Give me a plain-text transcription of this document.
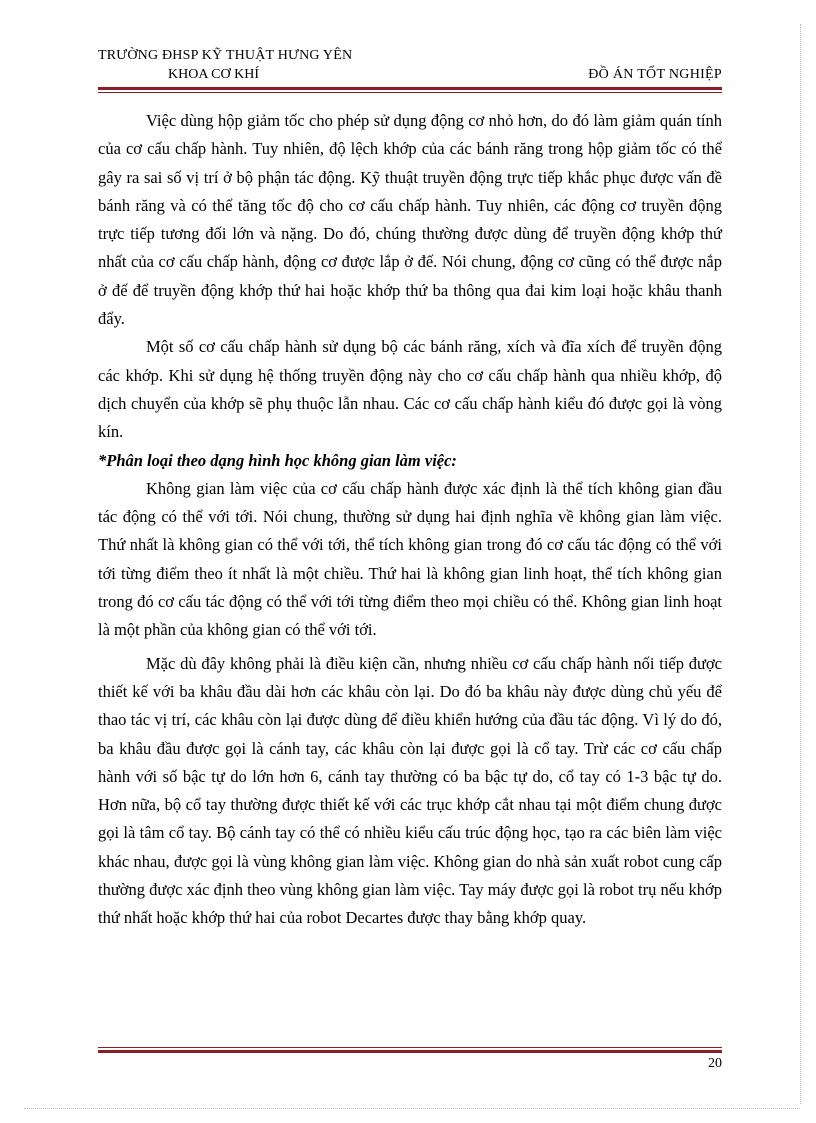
TRƯỜNG ĐHSP KỸ THUẬT HƯNG YÊN
KHOA CƠ KHÍ	ĐỒ ÁN TỐT NGHIỆP

Việc dùng hộp giảm tốc cho phép sử dụng động cơ nhỏ hơn, do đó làm giảm quán tính của cơ cấu chấp hành. Tuy nhiên, độ lệch khớp của các bánh răng trong hộp giảm tốc có thể gây ra sai số vị trí ở bộ phận tác động. Kỹ thuật truyền động trực tiếp khắc phục được vấn đề bánh răng và có thể tăng tốc độ cho cơ cấu chấp hành. Tuy nhiên, các động cơ truyền động trực tiếp tương đối lớn và nặng. Do đó, chúng thường được dùng để truyền động khớp thứ nhất của cơ cấu chấp hành, động cơ được lắp ở đế. Nói chung, động cơ cũng có thể được nắp ở đế để truyền động khớp thứ hai hoặc khớp thứ ba thông qua đai kim loại hoặc khâu thanh đẩy.

Một số cơ cấu chấp hành sử dụng bộ các bánh răng, xích và đĩa xích để truyền động các khớp. Khi sử dụng hệ thống truyền động này cho cơ cấu chấp hành qua nhiều khớp, độ dịch chuyển của khớp sẽ phụ thuộc lẫn nhau. Các cơ cấu chấp hành kiểu đó được gọi là vòng kín.

*Phân loại theo dạng hình học không gian làm việc:

Không gian làm việc của cơ cấu chấp hành được xác định là thể tích không gian đầu tác động có thể với tới. Nói chung, thường sử dụng hai định nghĩa về không gian làm việc. Thứ nhất là không gian có thể với tới, thể tích không gian trong đó cơ cấu tác động có thể với tới từng điểm theo ít nhất là một chiều. Thứ hai là không gian linh hoạt, thể tích không gian trong đó cơ cấu tác động có thể với tới từng điểm theo mọi chiều có thể. Không gian linh hoạt là một phần của không gian có thể với tới.

Mặc dù đây không phải là điều kiện cần, nhưng nhiều cơ cấu chấp hành nối tiếp được thiết kế với ba khâu đầu dài hơn các khâu còn lại. Do đó ba khâu này được dùng chủ yếu để thao tác vị trí, các khâu còn lại được dùng để điều khiển hướng của đầu tác động. Vì lý do đó, ba khâu đầu được gọi là cánh tay, các khâu còn lại được gọi là cổ tay. Trừ các cơ cấu chấp hành với số bậc tự do lớn hơn 6, cánh tay thường có ba bậc tự do, cổ tay có 1-3 bậc tự do. Hơn nữa, bộ cổ tay thường được thiết kế với các trục khớp cắt nhau tại một điểm chung được gọi là tâm cổ tay. Bộ cánh tay có thể có nhiều kiểu cấu trúc động học, tạo ra các biên làm việc khác nhau, được gọi là vùng không gian làm việc. Không gian do nhà sản xuất robot cung cấp thường được xác định theo vùng không gian làm việc. Tay máy được gọi là robot trụ nếu khớp thứ nhất hoặc khớp thứ hai của robot Decartes được thay bằng khớp quay.

20
